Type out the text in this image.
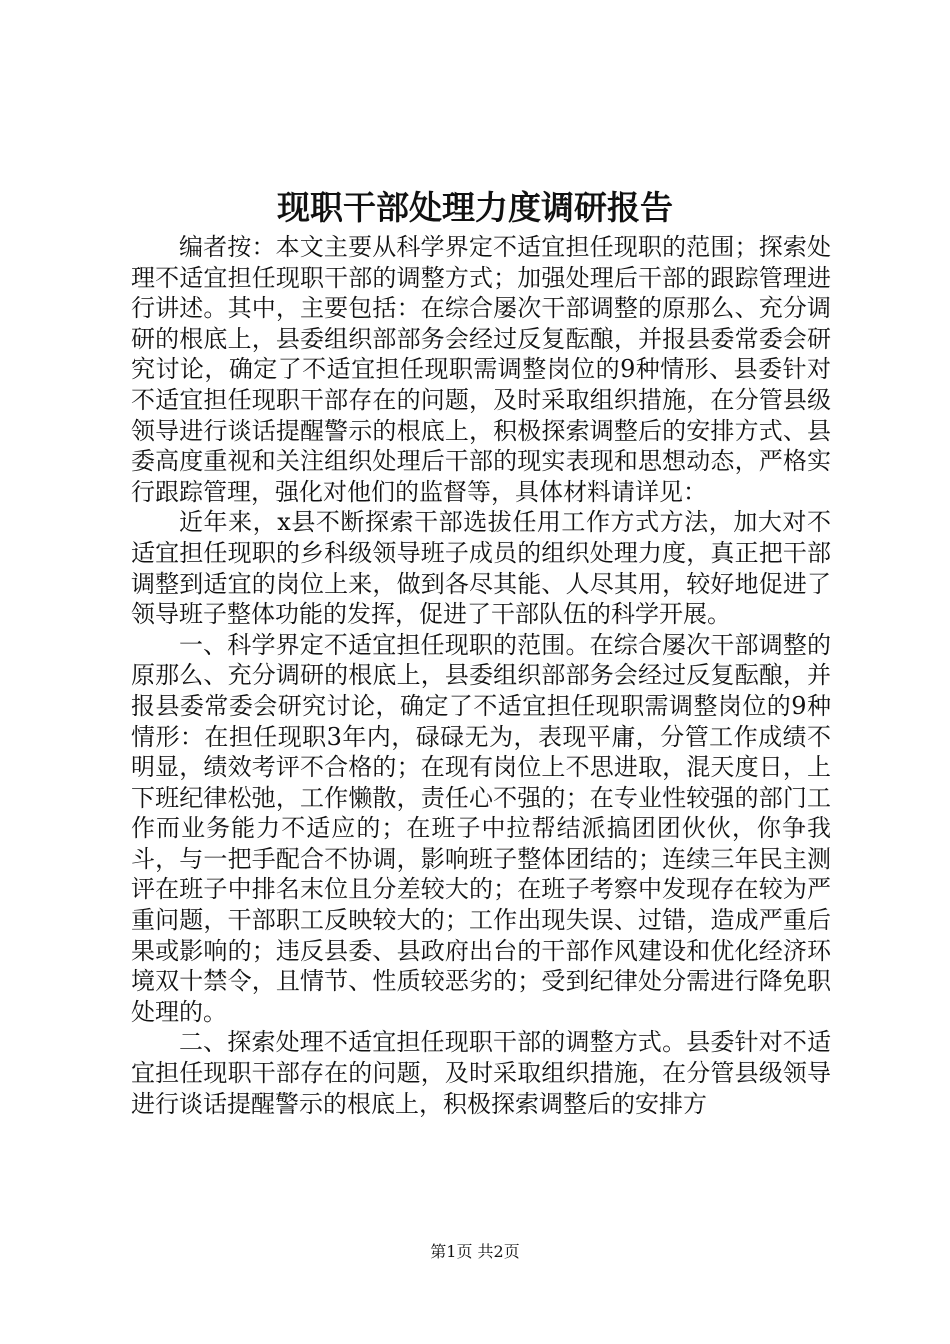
现职干部处理力度调研报告

编者按：本文主要从科学界定不适宜担任现职的范围；探索处理不适宜担任现职干部的调整方式；加强处理后干部的跟踪管理进行讲述。其中，主要包括：在综合屡次干部调整的原那么、充分调研的根底上，县委组织部部务会经过反复酝酿，并报县委常委会研究讨论，确定了不适宜担任现职需调整岗位的9种情形、县委针对不适宜担任现职干部存在的问题，及时采取组织措施，在分管县级领导进行谈话提醒警示的根底上，积极探索调整后的安排方式、县委高度重视和关注组织处理后干部的现实表现和思想动态，严格实行跟踪管理，强化对他们的监督等，具体材料请详见：

近年来，x县不断探索干部选拔任用工作方式方法，加大对不适宜担任现职的乡科级领导班子成员的组织处理力度，真正把干部调整到适宜的岗位上来，做到各尽其能、人尽其用，较好地促进了领导班子整体功能的发挥，促进了干部队伍的科学开展。

一、科学界定不适宜担任现职的范围。在综合屡次干部调整的原那么、充分调研的根底上，县委组织部部务会经过反复酝酿，并报县委常委会研究讨论，确定了不适宜担任现职需调整岗位的9种情形：在担任现职3年内，碌碌无为，表现平庸，分管工作成绩不明显，绩效考评不合格的；在现有岗位上不思进取，混天度日，上下班纪律松弛，工作懒散，责任心不强的；在专业性较强的部门工作而业务能力不适应的；在班子中拉帮结派搞团团伙伙，你争我斗，与一把手配合不协调，影响班子整体团结的；连续三年民主测评在班子中排名末位且分差较大的；在班子考察中发现存在较为严重问题，干部职工反映较大的；工作出现失误、过错，造成严重后果或影响的；违反县委、县政府出台的干部作风建设和优化经济环境双十禁令，且情节、性质较恶劣的；受到纪律处分需进行降免职处理的。

二、探索处理不适宜担任现职干部的调整方式。县委针对不适宜担任现职干部存在的问题，及时采取组织措施，在分管县级领导进行谈话提醒警示的根底上，积极探索调整后的安排方

第1页 共2页
